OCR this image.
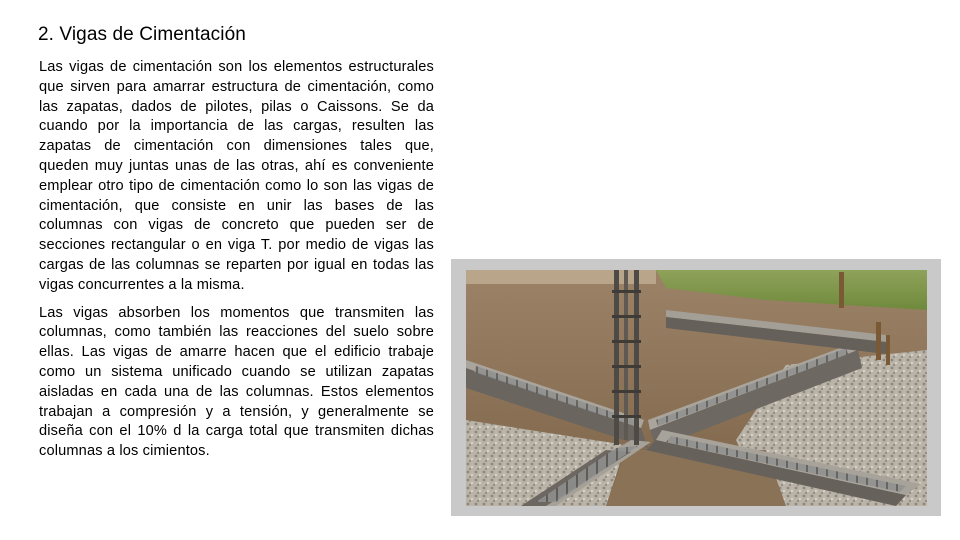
2. Vigas de Cimentación

Las vigas de cimentación son los elementos estructurales que sirven para amarrar estructura de cimentación, como las zapatas, dados de pilotes, pilas o Caissons. Se da cuando por la importancia de las cargas, resulten las zapatas de cimentación con dimensiones tales que, queden muy juntas unas de las otras, ahí es conveniente emplear otro tipo de cimentación como lo son las vigas de cimentación, que consiste en unir las bases de las columnas con vigas de concreto que pueden ser de secciones rectangular o en viga T. por medio de vigas las cargas de las columnas se reparten por igual en todas las vigas concurrentes a la misma.

Las vigas absorben los momentos que transmiten las columnas, como también las reacciones del suelo sobre ellas. Las vigas de amarre hacen que el edificio trabaje como un sistema unificado cuando se utilizan zapatas aisladas en cada una de las columnas. Estos elementos trabajan a compresión y a tensión, y generalmente se diseña con el 10% d la carga total que transmiten dichas columnas a los cimientos.
